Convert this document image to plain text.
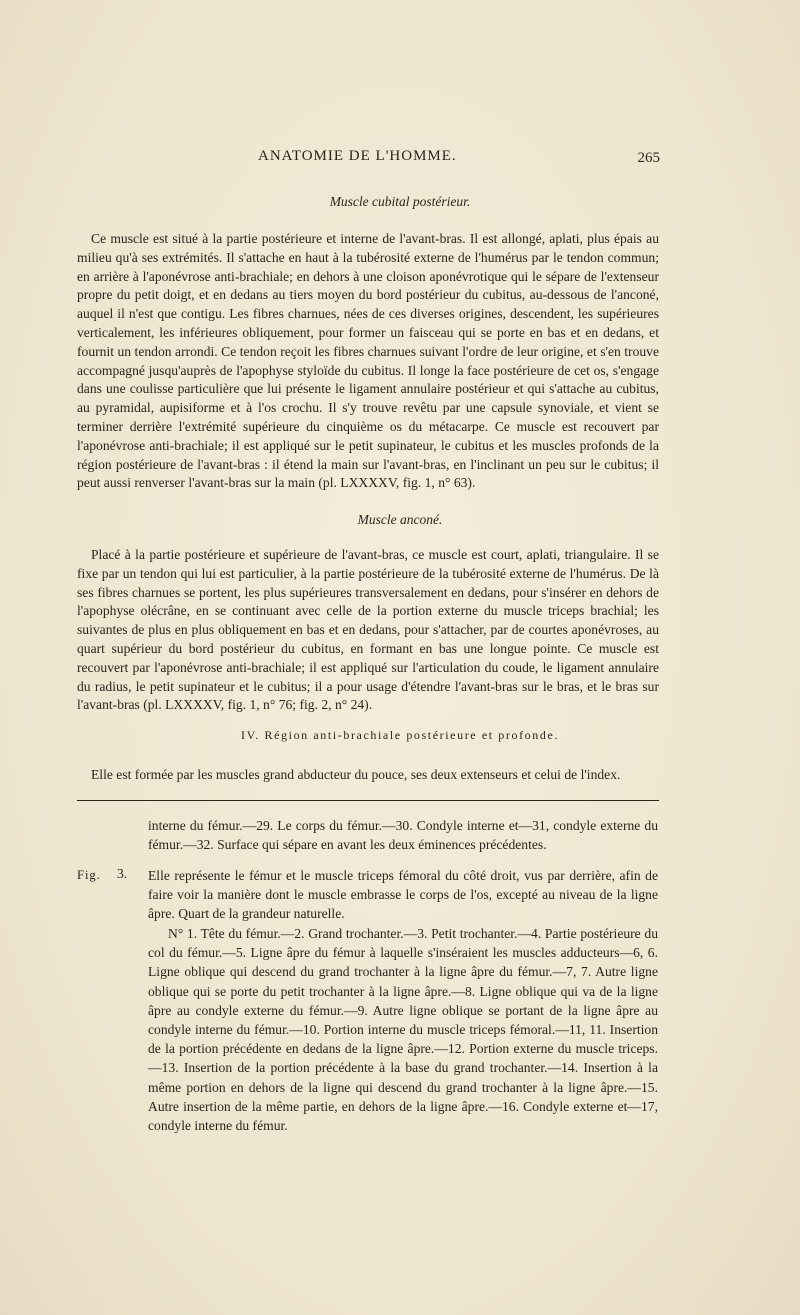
ANATOMIE DE L'HOMME.	265
Muscle cubital postérieur.

Ce muscle est situé à la partie postérieure et interne de l'avant-bras. Il est allongé, aplati, plus épais au milieu qu'à ses extrémités. Il s'attache en haut à la tubérosité externe de l'humérus par le tendon commun; en arrière à l'aponévrose anti-brachiale; en dehors à une cloison aponévrotique qui le sépare de l'extenseur propre du petit doigt, et en dedans au tiers moyen du bord postérieur du cubitus, au-dessous de l'anconé, auquel il n'est que contigu. Les fibres charnues, nées de ces diverses origines, descendent, les supérieures verticalement, les inférieures obliquement, pour former un faisceau qui se porte en bas et en dedans, et fournit un tendon arrondi. Ce tendon reçoit les fibres charnues suivant l'ordre de leur origine, et s'en trouve accompagné jusqu'auprès de l'apophyse styloïde du cubitus. Il longe la face postérieure de cet os, s'engage dans une coulisse particulière que lui présente le ligament annulaire postérieur et qui s'attache au cubitus, au pyramidal, aupisiforme et à l'os crochu. Il s'y trouve revêtu par une capsule synoviale, et vient se terminer derrière l'extrémité supérieure du cinquième os du métacarpe. Ce muscle est recouvert par l'aponévrose anti-brachiale; il est appliqué sur le petit supinateur, le cubitus et les muscles profonds de la région postérieure de l'avant-bras : il étend la main sur l'avant-bras, en l'inclinant un peu sur le cubitus; il peut aussi renverser l'avant-bras sur la main (pl. LXXXXV, fig. 1, n° 63).

Muscle anconé.

Placé à la partie postérieure et supérieure de l'avant-bras, ce muscle est court, aplati, triangulaire. Il se fixe par un tendon qui lui est particulier, à la partie postérieure de la tubérosité externe de l'humérus. De là ses fibres charnues se portent, les plus supérieures transversalement en dedans, pour s'insérer en dehors de l'apophyse olécrâne, en se continuant avec celle de la portion externe du muscle triceps brachial; les suivantes de plus en plus obliquement en bas et en dedans, pour s'attacher, par de courtes aponévroses, au quart supérieur du bord postérieur du cubitus, en formant en bas une longue pointe. Ce muscle est recouvert par l'aponévrose anti-brachiale; il est appliqué sur l'articulation du coude, le ligament annulaire du radius, le petit supinateur et le cubitus; il a pour usage d'étendre l'avant-bras sur le bras, et le bras sur l'avant-bras (pl. LXXXXV, fig. 1, n° 76; fig. 2, n° 24).

IV. Région anti-brachiale postérieure et profonde.

Elle est formée par les muscles grand abducteur du pouce, ses deux extenseurs et celui de l'index.

interne du fémur.—29. Le corps du fémur.—30. Condyle interne et—31, condyle externe du fémur.—32. Surface qui sépare en avant les deux éminences précédentes.

Fig. 3. Elle représente le fémur et le muscle triceps fémoral du côté droit, vus par derrière, afin de faire voir la manière dont le muscle embrasse le corps de l'os, excepté au niveau de la ligne âpre. Quart de la grandeur naturelle.

N° 1. Tête du fémur.—2. Grand trochanter.—3. Petit trochanter.—4. Partie postérieure du col du fémur.—5. Ligne âpre du fémur à laquelle s'inséraient les muscles adducteurs—6, 6. Ligne oblique qui descend du grand trochanter à la ligne âpre du fémur.—7, 7. Autre ligne oblique qui se porte du petit trochanter à la ligne âpre.—8. Ligne oblique qui va de la ligne âpre au condyle externe du fémur.—9. Autre ligne oblique se portant de la ligne âpre au condyle interne du fémur.—10. Portion interne du muscle triceps fémoral.—11, 11. Insertion de la portion précédente en dedans de la ligne âpre.—12. Portion externe du muscle triceps.—13. Insertion de la portion précédente à la base du grand trochanter.—14. Insertion à la même portion en dehors de la ligne qui descend du grand trochanter à la ligne âpre.—15. Autre insertion de la même partie, en dehors de la ligne âpre.—16. Condyle externe et—17, condyle interne du fémur.
